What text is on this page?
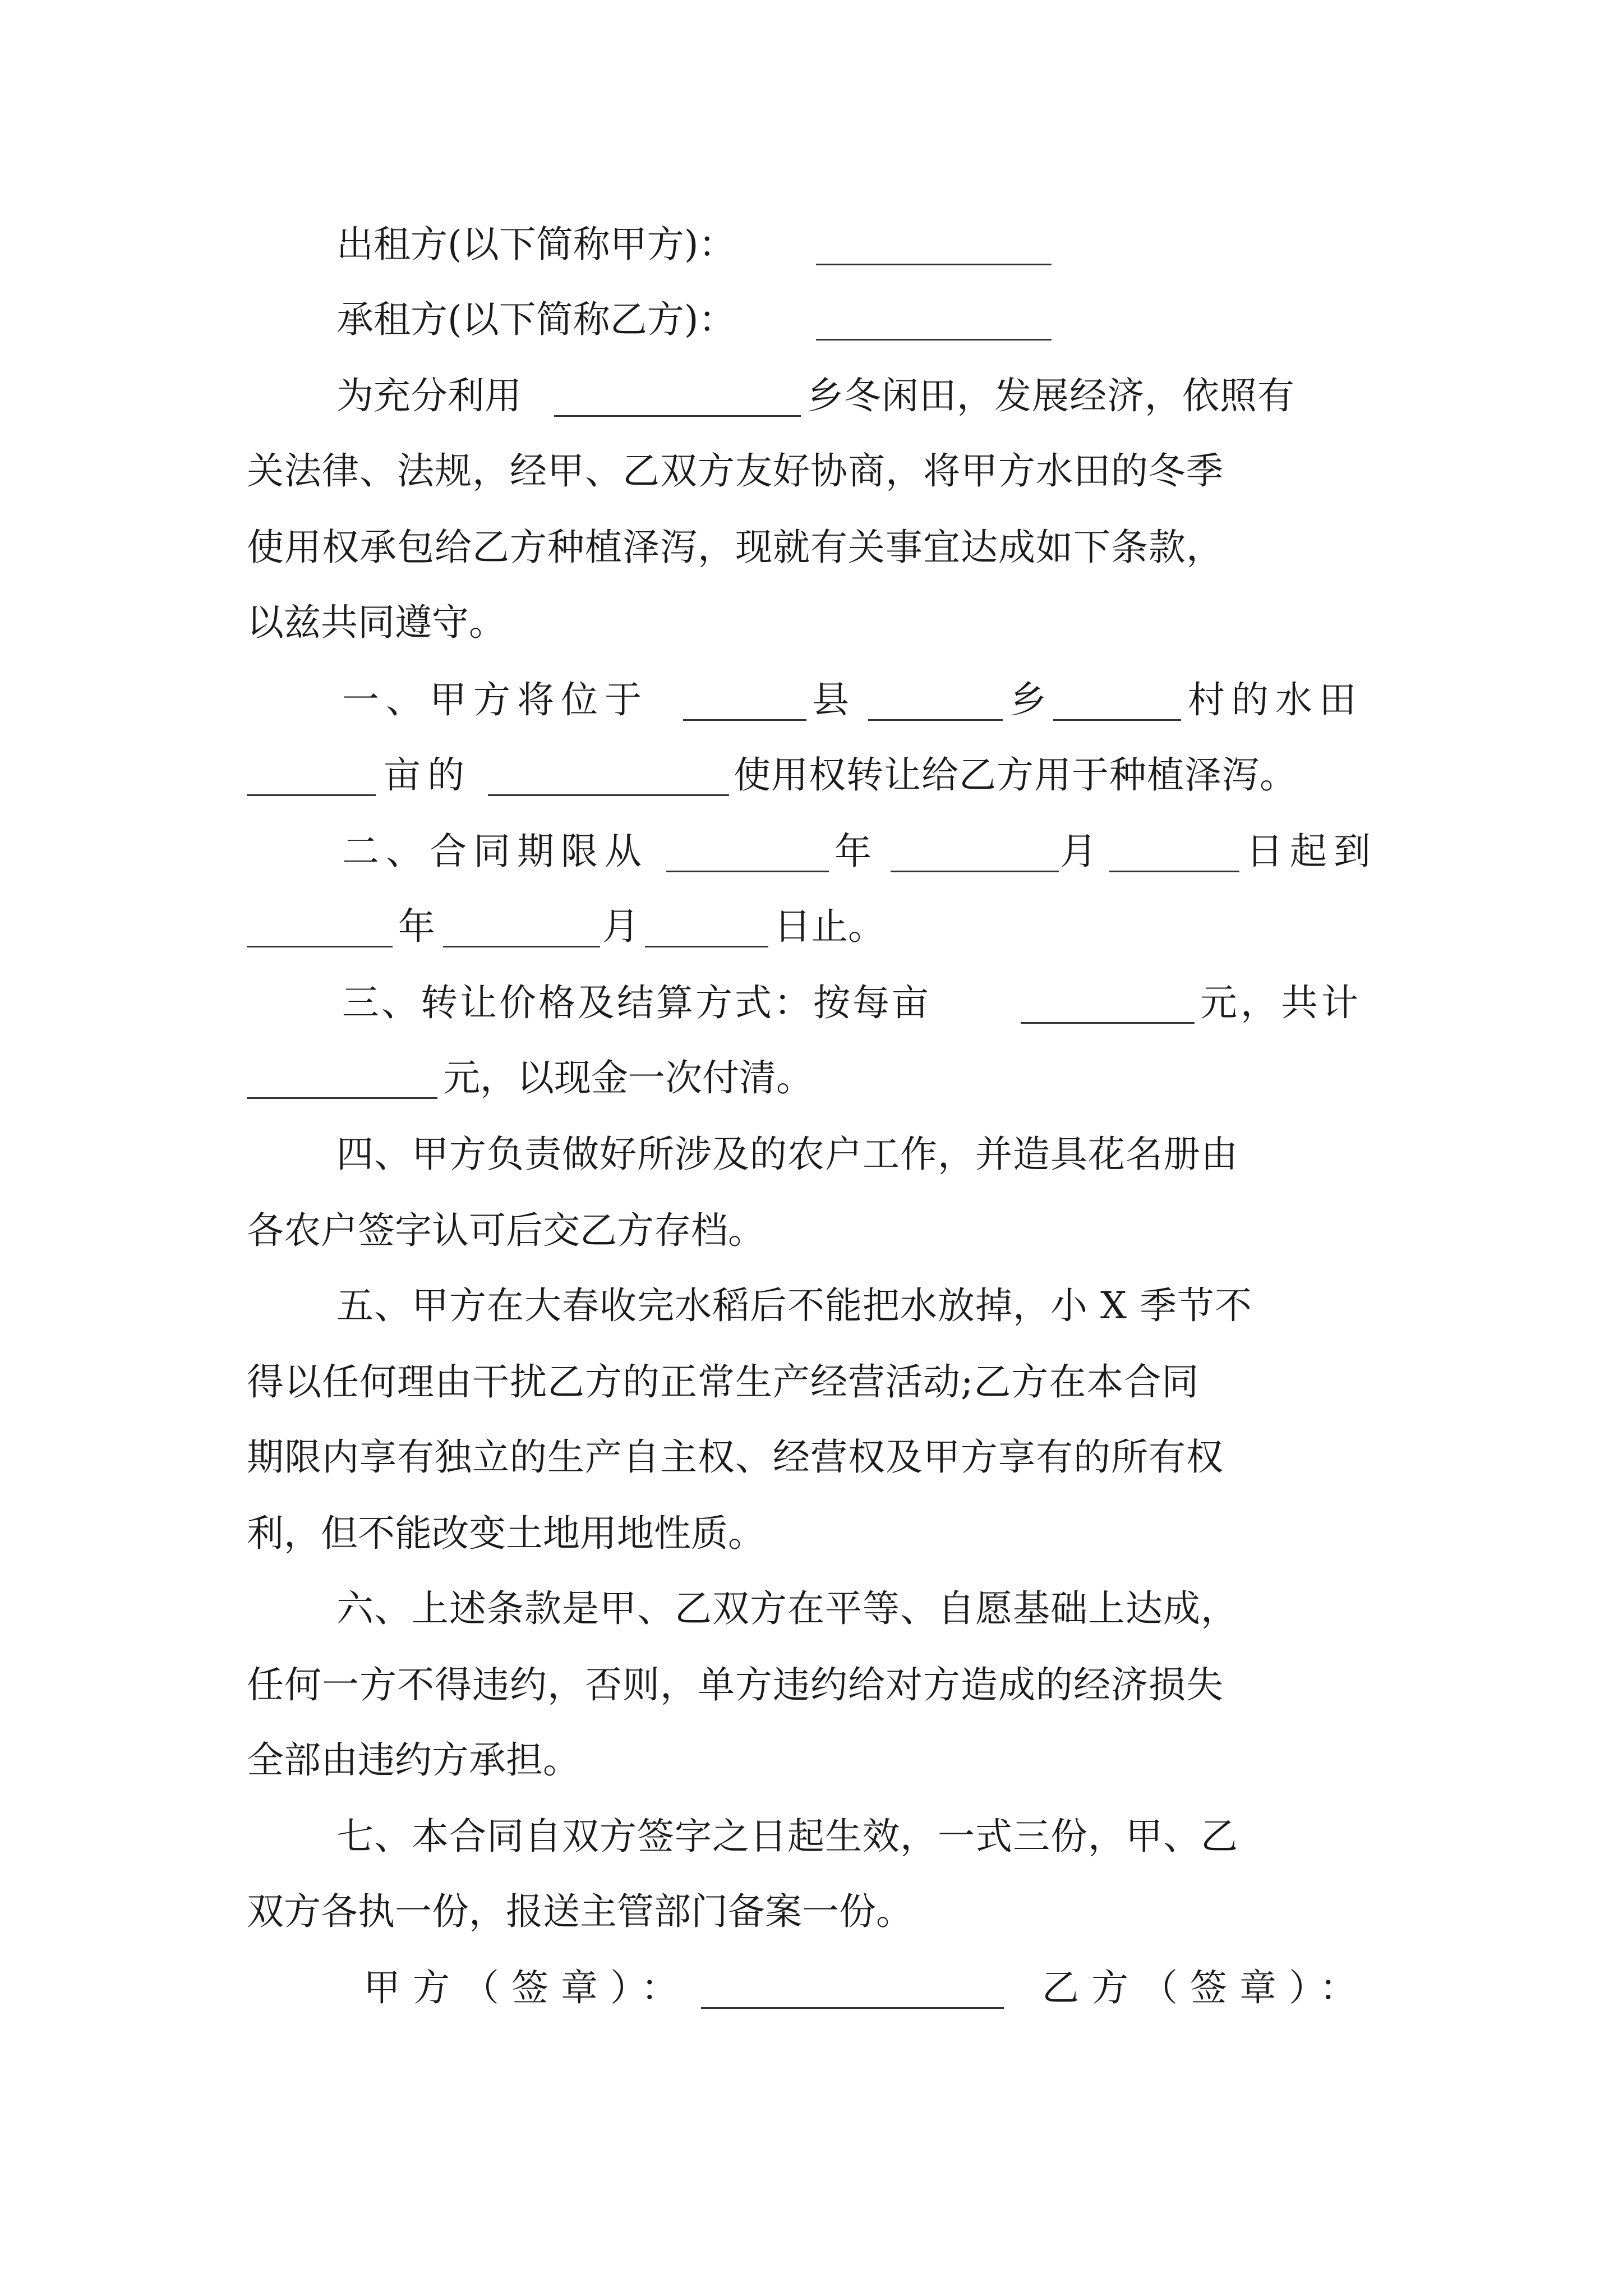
出租方(以下简称甲方)：
承租方(以下简称乙方)：
为充分利用	乡冬闲田，发展经济，依照有
关法律、法规，经甲、乙双方友好协商，将甲方水田的冬季
使用权承包给乙方种植泽泻，现就有关事宜达成如下条款，
以兹共同遵守。
一、甲方将位于	县	乡	村的水田
亩的	使用权转让给乙方用于种植泽泻。
二、合同期限从	年	月	日起到
年	月	日止。
三、转让价格及结算方式：按每亩	元，共计
元，以现金一次付清。
四、甲方负责做好所涉及的农户工作，并造具花名册由
各农户签字认可后交乙方存档。
五、甲方在大春收完水稻后不能把水放掉，小 X 季节不
得以任何理由干扰乙方的正常生产经营活动;乙方在本合同
期限内享有独立的生产自主权、经营权及甲方享有的所有权
利，但不能改变土地用地性质。
六、上述条款是甲、乙双方在平等、自愿基础上达成，
任何一方不得违约，否则，单方违约给对方造成的经济损失
全部由违约方承担。
七、本合同自双方签字之日起生效，一式三份，甲、乙
双方各执一份，报送主管部门备案一份。
甲方（签章）：	乙方（签章）：
